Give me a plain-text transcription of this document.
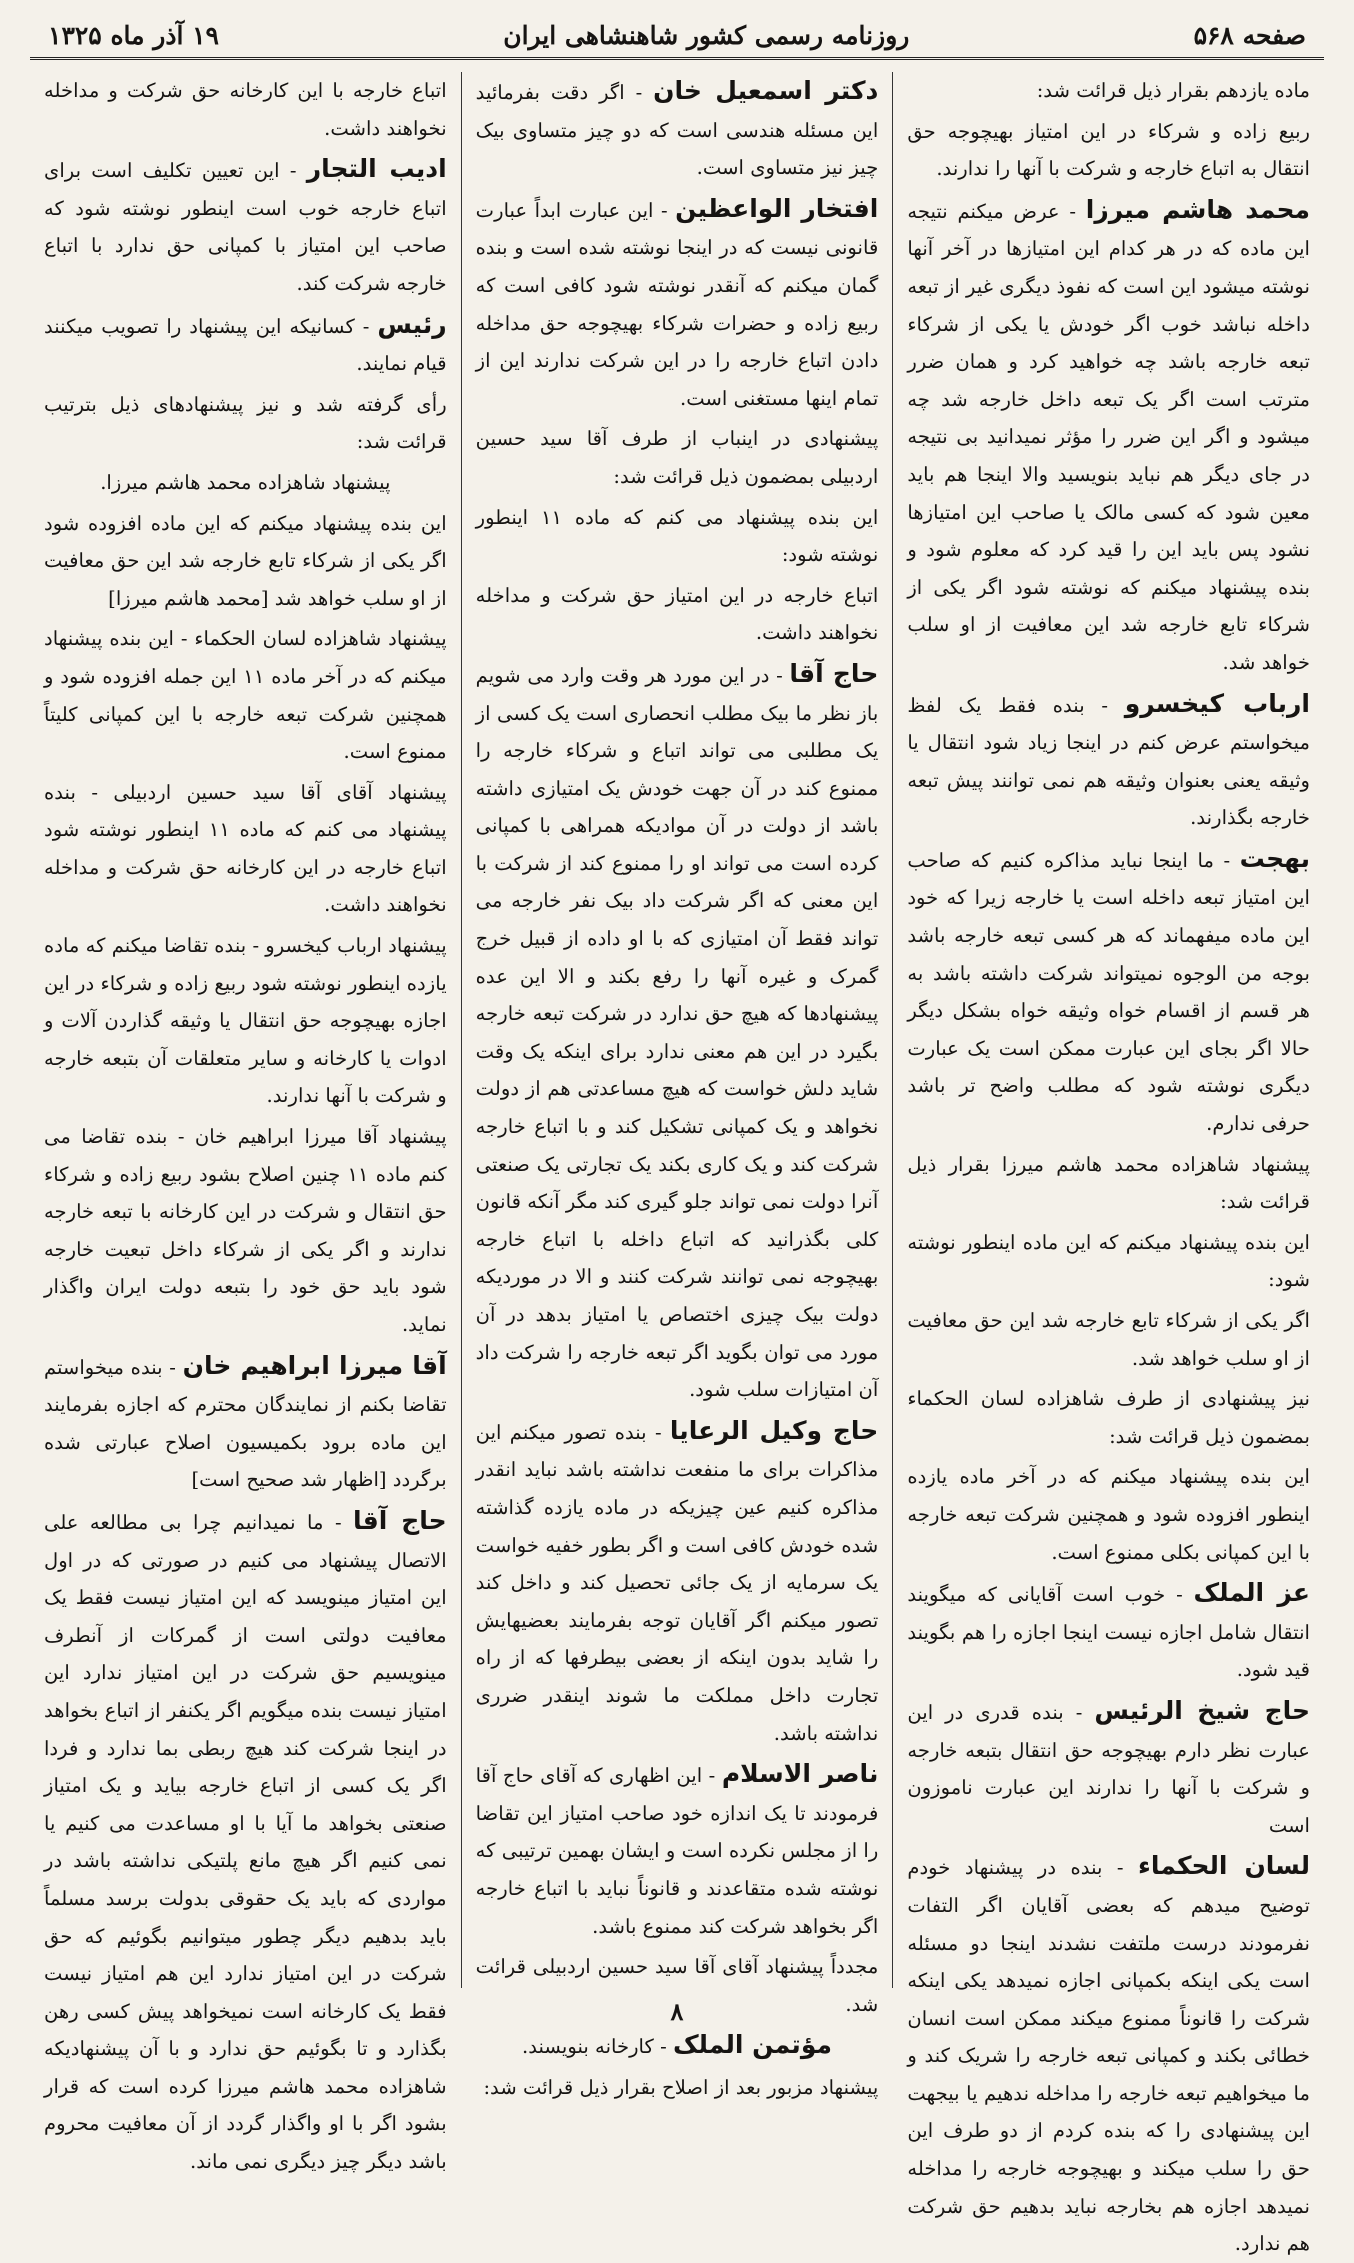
صفحه ۵۶۸
روزنامه رسمی کشور شاهنشاهی ایران
۱۹ آذر ماه ۱۳۲۵
ماده یازدهم بقرار ذیل قرائت شد:
ربیع زاده و شرکاء در این امتیاز بهیچوجه حق انتقال به اتباع خارجه و شرکت با آنها را ندارند.
محمد هاشم میرزا - عرض میکنم نتیجه این ماده که در هر کدام این امتیازها در آخر آنها نوشته میشود این است که نفوذ دیگری غیر از تبعه داخله نباشد خوب اگر خودش یا یکی از شرکاء تبعه خارجه باشد چه خواهید کرد و همان ضرر مترتب است اگر یک تبعه داخل خارجه شد چه میشود و اگر این ضرر را مؤثر نمیدانید بی نتیجه در جای دیگر هم نباید بنویسید والا اینجا هم باید معین شود که کسی مالک یا صاحب این امتیازها نشود پس باید این را قید کرد که معلوم شود و بنده پیشنهاد میکنم که نوشته شود اگر یکی از شرکاء تابع خارجه شد این معافیت از او سلب خواهد شد.
ارباب کیخسرو - بنده فقط یک لفظ میخواستم عرض کنم در اینجا زیاد شود انتقال یا وثیقه یعنی بعنوان وثیقه هم نمی توانند پیش تبعه خارجه بگذارند.
بهجت - ما اینجا نباید مذاکره کنیم که صاحب این امتیاز تبعه داخله است یا خارجه زیرا که خود این ماده میفهماند که هر کسی تبعه خارجه باشد بوجه من الوجوه نمیتواند شرکت داشته باشد به هر قسم از اقسام خواه وثیقه خواه بشکل دیگر حالا اگر بجای این عبارت ممکن است یک عبارت دیگری نوشته شود که مطلب واضح تر باشد حرفی ندارم.
پیشنهاد شاهزاده محمد هاشم میرزا بقرار ذیل قرائت شد:
این بنده پیشنهاد میکنم که این ماده اینطور نوشته شود:
اگر یکی از شرکاء تابع خارجه شد این حق معافیت از او سلب خواهد شد.
نیز پیشنهادی از طرف شاهزاده لسان الحکماء بمضمون ذیل قرائت شد:
این بنده پیشنهاد میکنم که در آخر ماده یازده اینطور افزوده شود و همچنین شرکت تبعه خارجه با این کمپانی بکلی ممنوع است.
عز الملک - خوب است آقایانی که میگویند انتقال شامل اجازه نیست اینجا اجازه را هم بگویند قید شود.
حاج شیخ الرئیس - بنده قدری در این عبارت نظر دارم بهیچوجه حق انتقال بتبعه خارجه و شرکت با آنها را ندارند این عبارت ناموزون است
لسان الحکماء - بنده در پیشنهاد خودم توضیح میدهم که بعضی آقایان اگر التفات نفرمودند درست ملتفت نشدند اینجا دو مسئله است یکی اینکه بکمپانی اجازه نمیدهد یکی اینکه شرکت را قانوناً ممنوع میکند ممکن است انسان خطائی بکند و کمپانی تبعه خارجه را شریک کند و ما میخواهیم تبعه خارجه را مداخله ندهیم یا بیجهت این پیشنهادی را که بنده کردم از دو طرف این حق را سلب میکند و بهیچوجه خارجه را مداخله نمیدهد اجازه هم بخارجه نباید بدهیم حق شرکت هم ندارد.
دکتر اسمعیل خان - اگر دقت بفرمائید این مسئله هندسی است که دو چیز متساوی بیک چیز نیز متساوی است.
افتخار الواعظین - این عبارت ابداً عبارت قانونی نیست که در اینجا نوشته شده است و بنده گمان میکنم که آنقدر نوشته شود کافی است که ربیع زاده و حضرات شرکاء بهیچوجه حق مداخله دادن اتباع خارجه را در این شرکت ندارند این از تمام اینها مستغنی است.
پیشنهادی در اینباب از طرف آقا سید حسین اردبیلی بمضمون ذیل قرائت شد:
این بنده پیشنهاد می کنم که ماده ۱۱ اینطور نوشته شود:
اتباع خارجه در این امتیاز حق شرکت و مداخله نخواهند داشت.
حاج آقا - در این مورد هر وقت وارد می شویم باز نظر ما بیک مطلب انحصاری است یک کسی از یک مطلبی می تواند اتباع و شرکاء خارجه را ممنوع کند در آن جهت خودش یک امتیازی داشته باشد از دولت در آن موادیکه همراهی با کمپانی کرده است می تواند او را ممنوع کند از شرکت با این معنی که اگر شرکت داد بیک نفر خارجه می تواند فقط آن امتیازی که با او داده از قبیل خرج گمرک و غیره آنها را رفع بکند و الا این عده پیشنهادها که هیچ حق ندارد در شرکت تبعه خارجه بگیرد در این هم معنی ندارد برای اینکه یک وقت شاید دلش خواست که هیچ مساعدتی هم از دولت نخواهد و یک کمپانی تشکیل کند و با اتباع خارجه شرکت کند و یک کاری بکند یک تجارتی یک صنعتی آنرا دولت نمی تواند جلو گیری کند مگر آنکه قانون کلی بگذرانید که اتباع داخله با اتباع خارجه بهیچوجه نمی توانند شرکت کنند و الا در موردیکه دولت بیک چیزی اختصاص یا امتیاز بدهد در آن مورد می توان بگوید اگر تبعه خارجه را شرکت داد آن امتیازات سلب شود.
حاج وکیل الرعایا - بنده تصور میکنم این مذاکرات برای ما منفعت نداشته باشد نباید انقدر مذاکره کنیم عین چیزیکه در ماده یازده گذاشته شده خودش کافی است و اگر بطور خفیه خواست یک سرمایه از یک جائی تحصیل کند و داخل کند تصور میکنم اگر آقایان توجه بفرمایند بعضیهایش را شاید بدون اینکه از بعضی بیطرفها که از راه تجارت داخل مملکت ما شوند اینقدر ضرری نداشته باشد.
ناصر الاسلام - این اظهاری که آقای حاج آقا فرمودند تا یک اندازه خود صاحب امتیاز این تقاضا را از مجلس نکرده است و ایشان بهمین ترتیبی که نوشته شده متقاعدند و قانوناً نباید با اتباع خارجه اگر بخواهد شرکت کند ممنوع باشد.
مجدداً پیشنهاد آقای آقا سید حسین اردبیلی قرائت شد.
مؤتمن الملک - کارخانه بنویسند.
پیشنهاد مزبور بعد از اصلاح بقرار ذیل قرائت شد:
اتباع خارجه با این کارخانه حق شرکت و مداخله نخواهند داشت.
ادیب التجار - این تعیین تکلیف است برای اتباع خارجه خوب است اینطور نوشته شود که صاحب این امتیاز با کمپانی حق ندارد با اتباع خارجه شرکت کند.
رئیس - کسانیکه این پیشنهاد را تصویب میکنند قیام نمایند.
رأی گرفته شد و نیز پیشنهادهای ذیل بترتیب قرائت شد:
پیشنهاد شاهزاده محمد هاشم میرزا.
این بنده پیشنهاد میکنم که این ماده افزوده شود اگر یکی از شرکاء تابع خارجه شد این حق معافیت از او سلب خواهد شد [محمد هاشم میرزا]
پیشنهاد شاهزاده لسان الحکماء - این بنده پیشنهاد میکنم که در آخر ماده ۱۱ این جمله افزوده شود و همچنین شرکت تبعه خارجه با این کمپانی کلیتاً ممنوع است.
پیشنهاد آقای آقا سید حسین اردبیلی - بنده پیشنهاد می کنم که ماده ۱۱ اینطور نوشته شود اتباع خارجه در این کارخانه حق شرکت و مداخله نخواهند داشت.
پیشنهاد ارباب کیخسرو - بنده تقاضا میکنم که ماده یازده اینطور نوشته شود ربیع زاده و شرکاء در این اجازه بهیچوجه حق انتقال یا وثیقه گذاردن آلات و ادوات یا کارخانه و سایر متعلقات آن بتبعه خارجه و شرکت با آنها ندارند.
پیشنهاد آقا میرزا ابراهیم خان - بنده تقاضا می کنم ماده ۱۱ چنین اصلاح بشود ربیع زاده و شرکاء حق انتقال و شرکت در این کارخانه با تبعه خارجه ندارند و اگر یکی از شرکاء داخل تبعیت خارجه شود باید حق خود را بتبعه دولت ایران واگذار نماید.
آقا میرزا ابراهیم خان - بنده میخواستم تقاضا بکنم از نمایندگان محترم که اجازه بفرمایند این ماده برود بکمیسیون اصلاح عبارتی شده برگردد [اظهار شد صحیح است]
حاج آقا - ما نمیدانیم چرا بی مطالعه علی الاتصال پیشنهاد می کنیم در صورتی که در اول این امتیاز مینویسد که این امتیاز نیست فقط یک معافیت دولتی است از گمرکات از آنطرف مینویسیم حق شرکت در این امتیاز ندارد این امتیاز نیست بنده میگویم اگر یکنفر از اتباع بخواهد در اینجا شرکت کند هیچ ربطی بما ندارد و فردا اگر یک کسی از اتباع خارجه بیاید و یک امتیاز صنعتی بخواهد ما آیا با او مساعدت می کنیم یا نمی کنیم اگر هیچ مانع پلتیکی نداشته باشد در مواردی که باید یک حقوقی بدولت برسد مسلماً باید بدهیم دیگر چطور میتوانیم بگوئیم که حق شرکت در این امتیاز ندارد این هم امتیاز نیست فقط یک کارخانه است نمیخواهد پیش کسی رهن بگذارد و تا بگوئیم حق ندارد و با آن پیشنهادیکه شاهزاده محمد هاشم میرزا کرده است که قرار بشود اگر با او واگذار گردد از آن معافیت محروم باشد دیگر چیز دیگری نمی ماند.
۸
